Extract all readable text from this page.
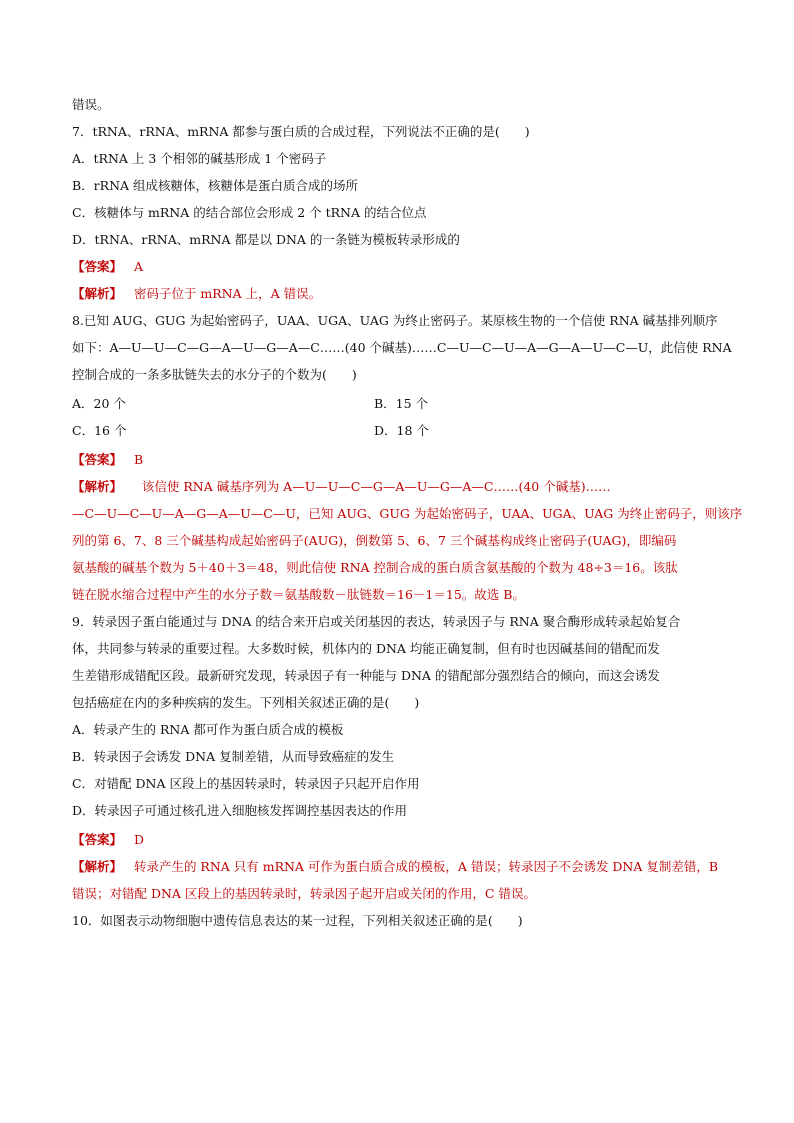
错误。
7．tRNA、rRNA、mRNA 都参与蛋白质的合成过程，下列说法不正确的是(　　)
A．tRNA 上 3 个相邻的碱基形成 1 个密码子
B．rRNA 组成核糖体，核糖体是蛋白质合成的场所
C．核糖体与 mRNA 的结合部位会形成 2 个 tRNA 的结合位点
D．tRNA、rRNA、mRNA 都是以 DNA 的一条链为模板转录形成的
【答案】 A
【解析】 密码子位于 mRNA 上，A 错误。
8.已知 AUG、GUG 为起始密码子，UAA、UGA、UAG 为终止密码子。某原核生物的一个信使 RNA 碱基排列顺序
如下：A—U—U—C—G—A—U—G—A—C……(40 个碱基)……C—U—C—U—A—G—A—U—C—U，此信使 RNA
控制合成的一条多肽链失去的水分子的个数为(　　)
A．20 个	B．15 个
C．16 个	D．18 个
【答案】 B
【解析】 该信使 RNA 碱基序列为 A—U—U—C—G—A—U—G—A—C……(40 个碱基)……
—C—U—C—U—A—G—A—U—C—U，已知 AUG、GUG 为起始密码子，UAA、UGA、UAG 为终止密码子，则该序
列的第 6、7、8 三个碱基构成起始密码子(AUG)，倒数第 5、6、7 三个碱基构成终止密码子(UAG)，即编码
氨基酸的碱基个数为 5＋40＋3＝48，则此信使 RNA 控制合成的蛋白质含氨基酸的个数为 48÷3＝16。该肽
链在脱水缩合过程中产生的水分子数＝氨基酸数－肽链数＝16－1＝15。故选 B。
9．转录因子蛋白能通过与 DNA 的结合来开启或关闭基因的表达，转录因子与 RNA 聚合酶形成转录起始复合
体，共同参与转录的重要过程。大多数时候，机体内的 DNA 均能正确复制，但有时也因碱基间的错配而发
生差错形成错配区段。最新研究发现，转录因子有一种能与 DNA 的错配部分强烈结合的倾向，而这会诱发
包括癌症在内的多种疾病的发生。下列相关叙述正确的是(　　)
A．转录产生的 RNA 都可作为蛋白质合成的模板
B．转录因子会诱发 DNA 复制差错，从而导致癌症的发生
C．对错配 DNA 区段上的基因转录时，转录因子只起开启作用
D．转录因子可通过核孔进入细胞核发挥调控基因表达的作用
【答案】 D
【解析】 转录产生的 RNA 只有 mRNA 可作为蛋白质合成的模板，A 错误；转录因子不会诱发 DNA 复制差错，B
错误；对错配 DNA 区段上的基因转录时，转录因子起开启或关闭的作用，C 错误。
10．如图表示动物细胞中遗传信息表达的某一过程，下列相关叙述正确的是(　　)
